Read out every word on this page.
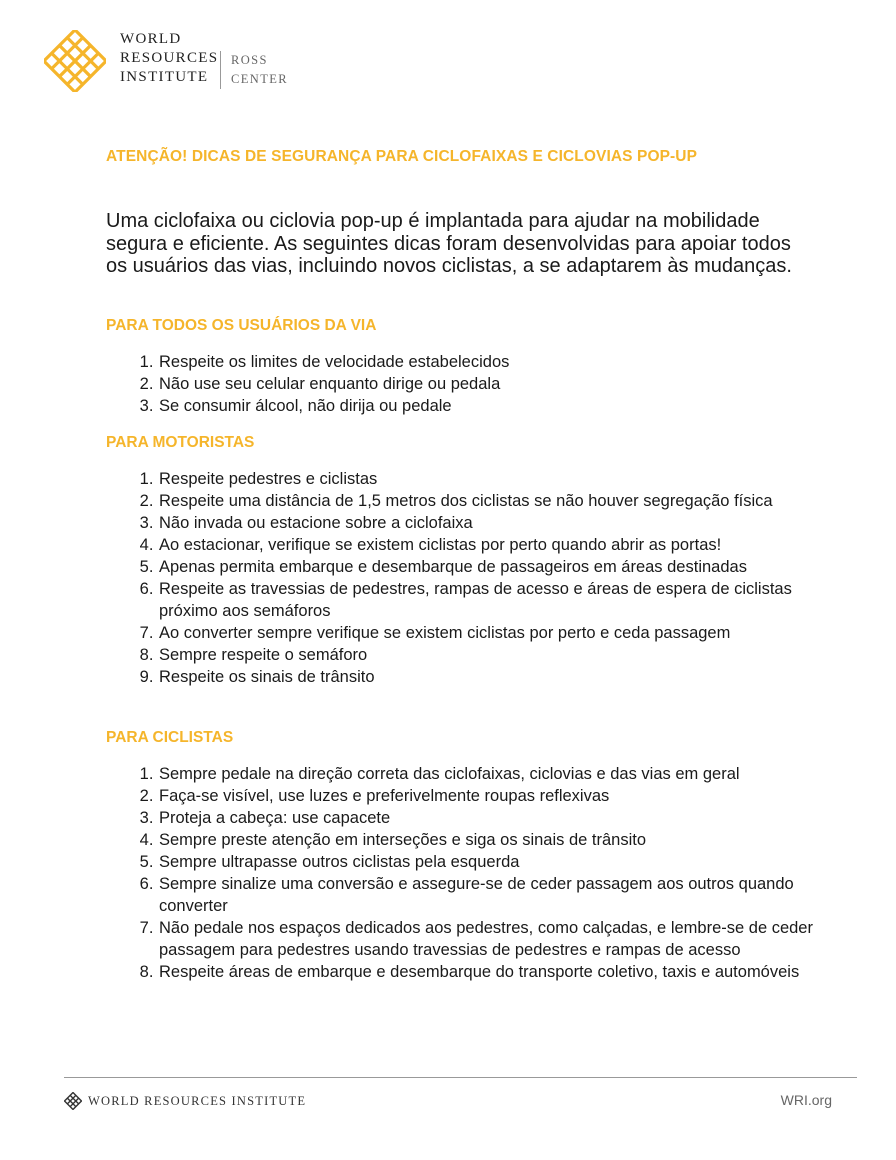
WORLD
RESOURCES
INSTITUTE
ROSS
CENTER
ATENÇÃO! DICAS DE SEGURANÇA PARA CICLOFAIXAS E CICLOVIAS POP-UP
Uma ciclofaixa ou ciclovia pop-up é implantada para ajudar na mobilidade segura e eficiente. As seguintes dicas foram desenvolvidas para apoiar todos os usuários das vias, incluindo novos ciclistas, a se adaptarem às mudanças.
PARA TODOS OS USUÁRIOS DA VIA
1. Respeite os limites de velocidade estabelecidos
2. Não use seu celular enquanto dirige ou pedala
3. Se consumir álcool, não dirija ou pedale
PARA MOTORISTAS
1. Respeite pedestres e ciclistas
2. Respeite uma distância de 1,5 metros dos ciclistas se não houver segregação física
3. Não invada ou estacione sobre a ciclofaixa
4. Ao estacionar, verifique se existem ciclistas por perto quando abrir as portas!
5. Apenas permita embarque e desembarque de passageiros em áreas destinadas
6. Respeite as travessias de pedestres, rampas de acesso e áreas de espera de ciclistas próximo aos semáforos
7. Ao converter sempre verifique se existem ciclistas por perto e ceda passagem
8. Sempre respeite o semáforo
9. Respeite os sinais de trânsito
PARA CICLISTAS
1. Sempre pedale na direção correta das ciclofaixas, ciclovias e das vias em geral
2. Faça-se visível, use luzes e preferivelmente roupas reflexivas
3. Proteja a cabeça: use capacete
4. Sempre preste atenção em interseções e siga os sinais de trânsito
5. Sempre ultrapasse outros ciclistas pela esquerda
6. Sempre sinalize uma conversão e assegure-se de ceder passagem aos outros quando converter
7. Não pedale nos espaços dedicados aos pedestres, como calçadas, e lembre-se de ceder passagem para pedestres usando travessias de pedestres e rampas de acesso
8. Respeite áreas de embarque e desembarque do transporte coletivo, taxis e automóveis
WORLD RESOURCES INSTITUTE	WRI.org
